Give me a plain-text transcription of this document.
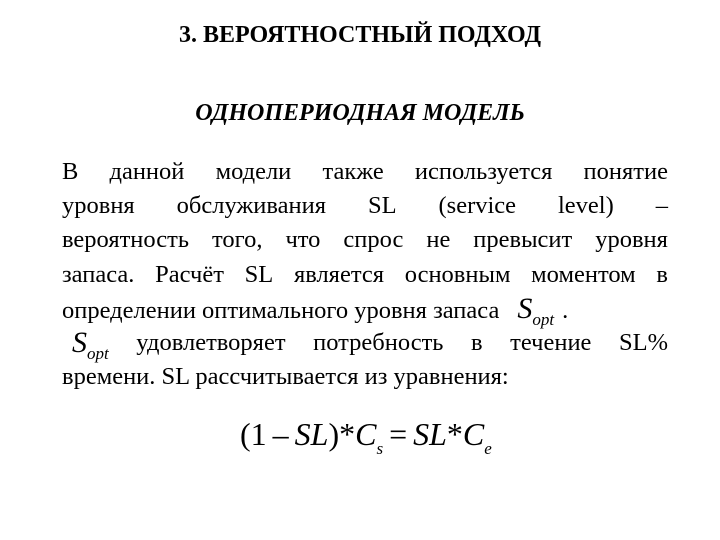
3. ВЕРОЯТНОСТНЫЙ ПОДХОД
ОДНОПЕРИОДНАЯ МОДЕЛЬ
В данной модели также используется понятие
уровня обслуживания SL (service level) –
вероятность того, что спрос не превысит уровня
запаса. Расчёт SL является основным моментом в
определении оптимального уровня запаса $S_{opt}$ .
$S_{opt}$ удовлетворяет потребность в течение SL%
времени. SL рассчитывается из уравнения:
$(1 - SL)*C_s = SL*C_e$
